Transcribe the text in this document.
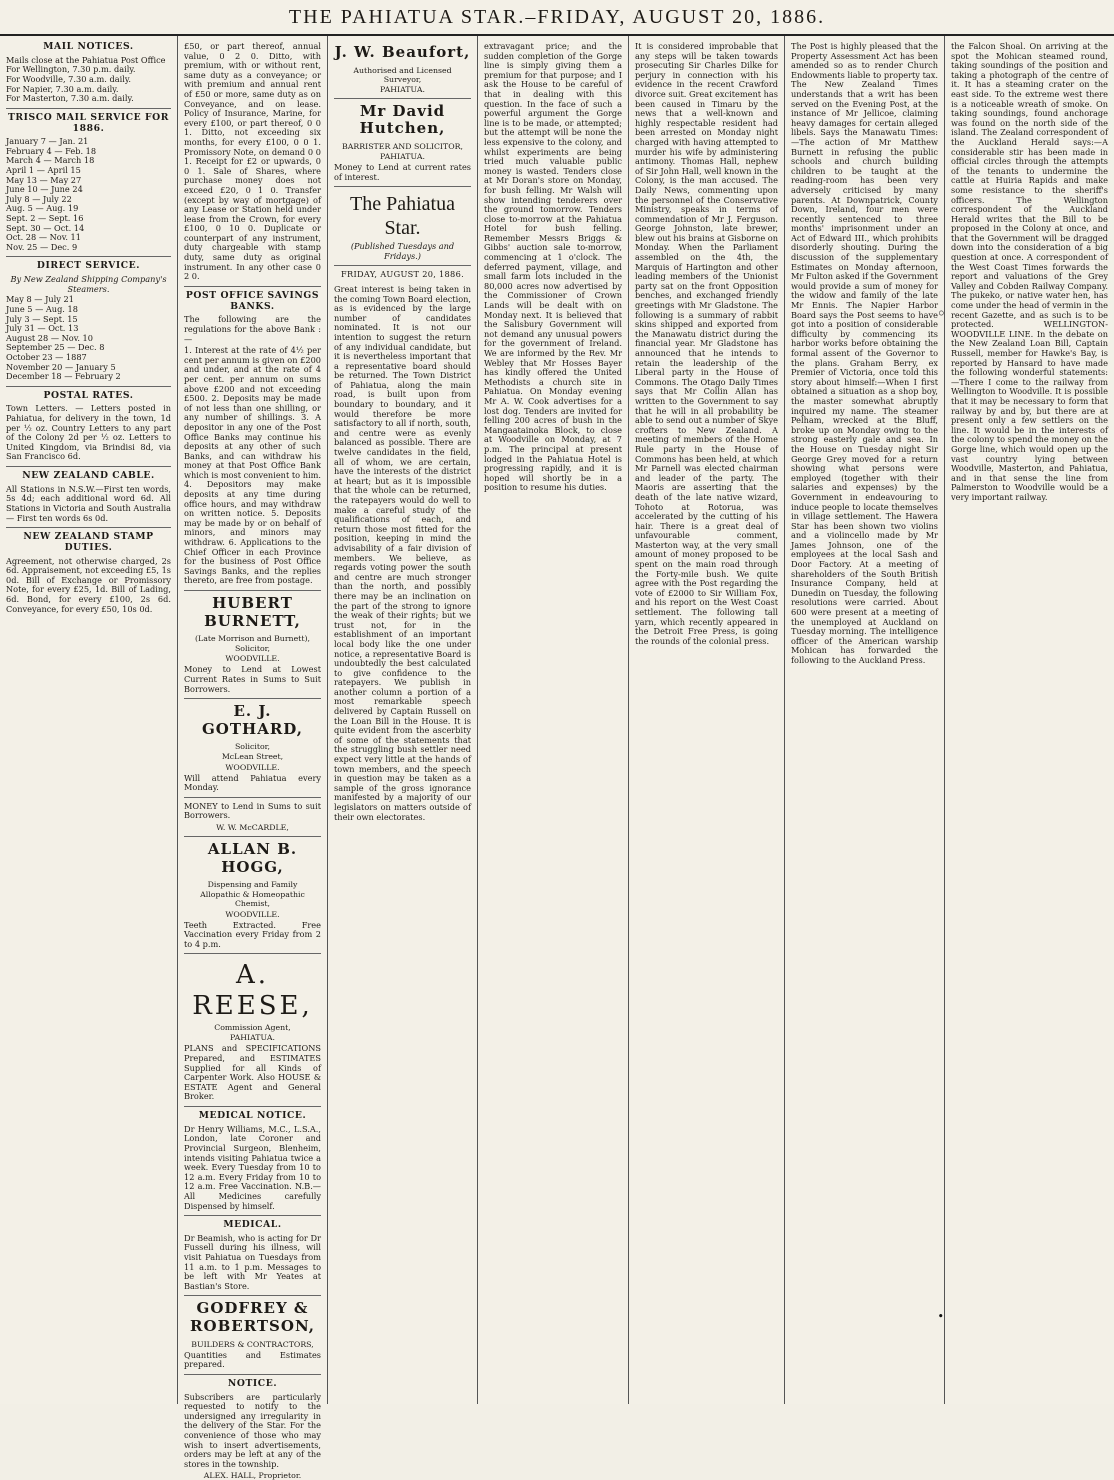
THE PAHIATUA STAR.–FRIDAY, AUGUST 20, 1886.
MAIL NOTICES.
Mails close at the Pahiatua Post Office
For Wellington, 7.30 p.m. daily.
For Woodville, 7.30 a.m. daily.
For Napier, 7.30 a.m. daily.
For Masterton, 7.30 a.m. daily.
TRISCO MAIL SERVICE FOR 1886.
January 7 — Jan. 21
February 4 — Feb. 18
March 4 — March 18
April 1 — April 15
May 13 — May 27
June 10 — June 24
July 8 — July 22
Aug. 5 — Aug. 19
Sept. 2 — Sept. 16
Sept. 30 — Oct. 14
Oct. 28 — Nov. 11
Nov. 25 — Dec. 9
DIRECT SERVICE.
By New Zealand Shipping Company's Steamers.
May 8 — July 21
June 5 — Aug. 18
July 3 — Sept. 15
July 31 — Oct. 13
August 28 — Nov. 10
September 25 — Dec. 8
October 23 — 1887
November 20 — January 5
December 18 — February 2
POSTAL RATES.

Town Letters. — Letters posted in Pahiatua, for delivery in the town, 1d per ½ oz. Country Letters to any part of the Colony 2d per ½ oz. Letters to United Kingdom, via Brindisi 8d, via San Francisco 6d.

NEW ZEALAND CABLE.

All Stations in N.S.W.—First ten words, 5s 4d; each additional word 6d. All Stations in Victoria and South Australia — First ten words 6s 0d.

NEW ZEALAND STAMP DUTIES.

Agreement, not otherwise charged, 2s 6d. Appraisement, not exceeding £5, 1s 0d. Bill of Exchange or Promissory Note, for every £25, 1d. Bill of Lading, 6d. Bond, for every £100, 2s 6d. Conveyance, for every £50, 10s 0d.

£50, or part thereof, annual value, 0 2 0. Ditto, with premium, with or without rent, same duty as a conveyance; or with premium and annual rent of £50 or more, same duty as on Conveyance, and on lease. Policy of Insurance, Marine, for every £100, or part thereof, 0 0 1. Ditto, not exceeding six months, for every £100, 0 0 1. Promissory Note, on demand 0 0 1. Receipt for £2 or upwards, 0 0 1. Sale of Shares, where purchase money does not exceed £20, 0 1 0. Transfer (except by way of mortgage) of any Lease or Station held under lease from the Crown, for every £100, 0 10 0. Duplicate or counterpart of any instrument, duty chargeable with stamp duty, same duty as original instrument. In any other case 0 2 0.

POST OFFICE SAVINGS BANKS.

The following are the regulations for the above Bank :—

1. Interest at the rate of 4½ per cent per annum is given on £200 and under, and at the rate of 4 per cent. per annum on sums above £200 and not exceeding £500. 2. Deposits may be made of not less than one shilling, or any number of shillings. 3. A depositor in any one of the Post Office Banks may continue his deposits at any other of such Banks, and can withdraw his money at that Post Office Bank which is most convenient to him. 4. Depositors may make deposits at any time during office hours, and may withdraw on written notice. 5. Deposits may be made by or on behalf of minors, and minors may withdraw. 6. Applications to the Chief Officer in each Province for the business of Post Office Savings Banks, and the replies thereto, are free from postage.

HUBERT BURNETT,
(Late Morrison and Burnett),
Solicitor,
WOODVILLE.

Money to Lend at Lowest Current Rates in Sums to Suit Borrowers.

E. J. GOTHARD,
Solicitor,
McLean Street,
WOODVILLE.

Will attend Pahiatua every Monday.

MONEY to Lend in Sums to suit Borrowers.

W. W. McCARDLE,
ALLAN B. HOGG,
Dispensing and Family
Allopathic & Homeopathic Chemist,
WOODVILLE.

Teeth Extracted. Free Vaccination every Friday from 2 to 4 p.m.

A. REESE,
Commission Agent,
PAHIATUA.

PLANS and SPECIFICATIONS Prepared, and ESTIMATES Supplied for all Kinds of Carpenter Work. Also HOUSE & ESTATE Agent and General Broker.

MEDICAL NOTICE.

Dr Henry Williams, M.C., L.S.A., London, late Coroner and Provincial Surgeon, Blenheim, intends visiting Pahiatua twice a week. Every Tuesday from 10 to 12 a.m. Every Friday from 10 to 12 a.m. Free Vaccination. N.B.—All Medicines carefully Dispensed by himself.

MEDICAL.

Dr Beamish, who is acting for Dr Fussell during his illness, will visit Pahiatua on Tuesdays from 11 a.m. to 1 p.m. Messages to be left with Mr Yeates at Bastian's Store.

GODFREY & ROBERTSON,
BUILDERS & CONTRACTORS,

Quantities and Estimates prepared.

NOTICE.

Subscribers are particularly requested to notify to the undersigned any irregularity in the delivery of the Star. For the convenience of those who may wish to insert advertisements, orders may be left at any of the stores in the township.

ALEX. HALL, Proprietor.
J. W. Beaufort,
Authorised and Licensed Surveyor,
PAHIATUA.
Mr David Hutchen,
BARRISTER AND SOLICITOR,
PAHIATUA.

Money to Lend at current rates of interest.

The Pahiatua Star.
(Published Tuesdays and Fridays.)
FRIDAY, AUGUST 20, 1886.

Great interest is being taken in the coming Town Board election, as is evidenced by the large number of candidates nominated. It is not our intention to suggest the return of any individual candidate, but it is nevertheless important that a representative board should be returned. The Town District of Pahiatua, along the main road, is built upon from boundary to boundary, and it would therefore be more satisfactory to all if north, south, and centre were as evenly balanced as possible. There are twelve candidates in the field, all of whom, we are certain, have the interests of the district at heart; but as it is impossible that the whole can be returned, the ratepayers would do well to make a careful study of the qualifications of each, and return those most fitted for the position, keeping in mind the advisability of a fair division of members. We believe, as regards voting power the south and centre are much stronger than the north, and possibly there may be an inclination on the part of the strong to ignore the weak of their rights; but we trust not, for in the establishment of an important local body like the one under notice, a representative Board is undoubtedly the best calculated to give confidence to the ratepayers. We publish in another column a portion of a most remarkable speech delivered by Captain Russell on the Loan Bill in the House. It is quite evident from the ascerbity of some of the statements that the struggling bush settler need expect very little at the hands of town members, and the speech in question may be taken as a sample of the gross ignorance manifested by a majority of our legislators on matters outside of their own electorates.

extravagant price; and the sudden completion of the Gorge line is simply giving them a premium for that purpose; and I ask the House to be careful of that in dealing with this question. In the face of such a powerful argument the Gorge line is to be made, or attempted; but the attempt will be none the less expensive to the colony, and whilst experiments are being tried much valuable public money is wasted. Tenders close at Mr Doran's store on Monday, for bush felling. Mr Walsh will show intending tenderers over the ground tomorrow. Tenders close to-morrow at the Pahiatua Hotel for bush felling. Remember Messrs Briggs & Gibbs' auction sale to-morrow, commencing at 1 o'clock. The deferred payment, village, and small farm lots included in the 80,000 acres now advertised by the Commissioner of Crown Lands will be dealt with on Monday next. It is believed that the Salisbury Government will not demand any unusual powers for the government of Ireland. We are informed by the Rev. Mr Webley that Mr Hosses Bayer has kindly offered the United Methodists a church site in Pahiatua. On Monday evening Mr A. W. Cook advertises for a lost dog. Tenders are invited for felling 200 acres of bush in the Mangaatainoka Block, to close at Woodville on Monday, at 7 p.m. The principal at present lodged in the Pahiatua Hotel is progressing rapidly, and it is hoped will shortly be in a position to resume his duties.

It is considered improbable that any steps will be taken towards prosecuting Sir Charles Dilke for perjury in connection with his evidence in the recent Crawford divorce suit. Great excitement has been caused in Timaru by the news that a well-known and highly respectable resident had been arrested on Monday night charged with having attempted to murder his wife by administering antimony. Thomas Hall, nephew of Sir John Hall, well known in the Colony, is the man accused. The Daily News, commenting upon the personnel of the Conservative Ministry, speaks in terms of commendation of Mr J. Ferguson. George Johnston, late brewer, blew out his brains at Gisborne on Monday. When the Parliament assembled on the 4th, the Marquis of Hartington and other leading members of the Unionist party sat on the front Opposition benches, and exchanged friendly greetings with Mr Gladstone. The following is a summary of rabbit skins shipped and exported from the Manawatu district during the financial year. Mr Gladstone has announced that he intends to retain the leadership of the Liberal party in the House of Commons. The Otago Daily Times says that Mr Collin Allan has written to the Government to say that he will in all probability be able to send out a number of Skye crofters to New Zealand. A meeting of members of the Home Rule party in the House of Commons has been held, at which Mr Parnell was elected chairman and leader of the party. The Maoris are asserting that the death of the late native wizard, Tohoto at Rotorua, was accelerated by the cutting of his hair. There is a great deal of unfavourable comment, Masterton way, at the very small amount of money proposed to be spent on the main road through the Forty-mile bush. We quite agree with the Post regarding the vote of £2000 to Sir William Fox, and his report on the West Coast settlement. The following tall yarn, which recently appeared in the Detroit Free Press, is going the rounds of the colonial press.

The Post is highly pleased that the Property Assessment Act has been amended so as to render Church Endowments liable to property tax. The New Zealand Times understands that a writ has been served on the Evening Post, at the instance of Mr Jellicoe, claiming heavy damages for certain alleged libels. Says the Manawatu Times:—The action of Mr Matthew Burnett in refusing the public schools and church building children to be taught at the reading-room has been very adversely criticised by many parents. At Downpatrick, County Down, Ireland, four men were recently sentenced to three months' imprisonment under an Act of Edward III., which prohibits disorderly shouting. During the discussion of the supplementary Estimates on Monday afternoon, Mr Fulton asked if the Government would provide a sum of money for the widow and family of the late Mr Ennis. The Napier Harbor Board says the Post seems to have got into a position of considerable difficulty by commencing its harbor works before obtaining the formal assent of the Governor to the plans. Graham Berry, ex Premier of Victoria, once told this story about himself:—When I first obtained a situation as a shop boy, the master somewhat abruptly inquired my name. The steamer Pelham, wrecked at the Bluff, broke up on Monday owing to the strong easterly gale and sea. In the House on Tuesday night Sir George Grey moved for a return showing what persons were employed (together with their salaries and expenses) by the Government in endeavouring to induce people to locate themselves in village settlement. The Hawera Star has been shown two violins and a violincello made by Mr James Johnson, one of the employees at the local Sash and Door Factory. At a meeting of shareholders of the South British Insurance Company, held at Dunedin on Tuesday, the following resolutions were carried. About 600 were present at a meeting of the unemployed at Auckland on Tuesday morning. The intelligence officer of the American warship Mohican has forwarded the following to the Auckland Press.

the Falcon Shoal. On arriving at the spot the Mohican steamed round, taking soundings of the position and taking a photograph of the centre of it. It has a steaming crater on the east side. To the extreme west there is a noticeable wreath of smoke. On taking soundings, found anchorage was found on the north side of the island. The Zealand correspondent of the Auckland Herald says:—A considerable stir has been made in official circles through the attempts of the tenants to undermine the cattle at Huiria Rapids and make some resistance to the sheriff's officers. The Wellington correspondent of the Auckland Herald writes that the Bill to be proposed in the Colony at once, and that the Government will be dragged down into the consideration of a big question at once. A correspondent of the West Coast Times forwards the report and valuations of the Grey Valley and Cobden Railway Company. The pukeko, or native water hen, has come under the head of vermin in the recent Gazette, and as such is to be protected. WELLINGTON-WOODVILLE LINE. In the debate on the New Zealand Loan Bill, Captain Russell, member for Hawke's Bay, is reported by Hansard to have made the following wonderful statements:—There I come to the railway from Wellington to Woodville. It is possible that it may be necessary to form that railway by and by, but there are at present only a few settlers on the line. It would be in the interests of the colony to spend the money on the Gorge line, which would open up the vast country lying between Woodville, Masterton, and Pahiatua, and in that sense the line from Palmerston to Woodville would be a very important railway.

◦
•
